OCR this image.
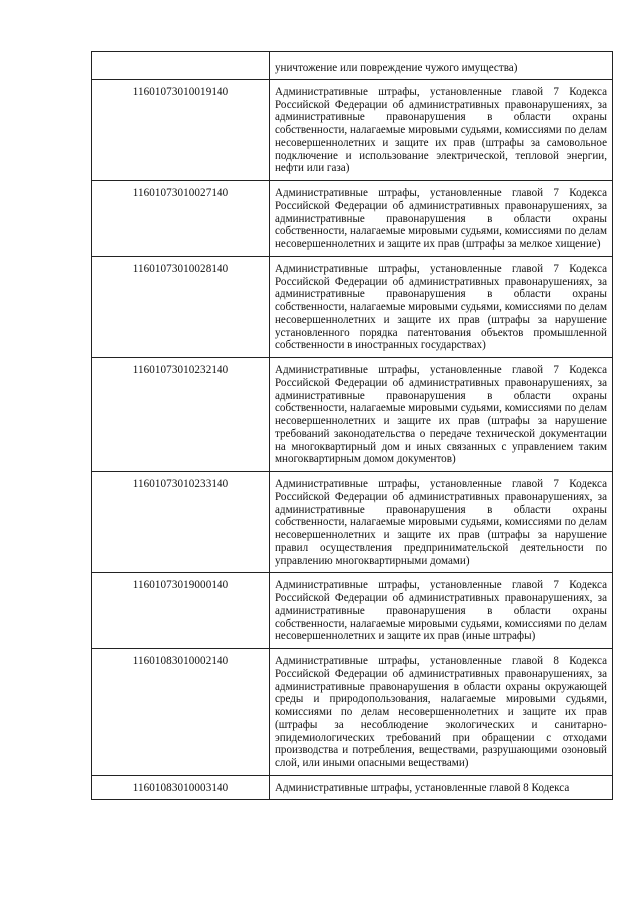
	уничтожение или повреждение чужого имущества)
11601073010019140	Административные штрафы, установленные главой 7 Кодекса Российской Федерации об административных правонарушениях, за административные правонарушения в области охраны собственности, налагаемые мировыми судьями, комиссиями по делам несовершеннолетних и защите их прав (штрафы за самовольное подключение и использование электрической, тепловой энергии, нефти или газа)
11601073010027140	Административные штрафы, установленные главой 7 Кодекса Российской Федерации об административных правонарушениях, за административные правонарушения в области охраны собственности, налагаемые мировыми судьями, комиссиями по делам несовершеннолетних и защите их прав (штрафы за мелкое хищение)
11601073010028140	Административные штрафы, установленные главой 7 Кодекса Российской Федерации об административных правонарушениях, за административные правонарушения в области охраны собственности, налагаемые мировыми судьями, комиссиями по делам несовершеннолетних и защите их прав (штрафы за нарушение установленного порядка патентования объектов промышленной собственности в иностранных государствах)
11601073010232140	Административные штрафы, установленные главой 7 Кодекса Российской Федерации об административных правонарушениях, за административные правонарушения в области охраны собственности, налагаемые мировыми судьями, комиссиями по делам несовершеннолетних и защите их прав (штрафы за нарушение требований законодательства о передаче технической документации на многоквартирный дом и иных связанных с управлением таким многоквартирным домом документов)
11601073010233140	Административные штрафы, установленные главой 7 Кодекса Российской Федерации об административных правонарушениях, за административные правонарушения в области охраны собственности, налагаемые мировыми судьями, комиссиями по делам несовершеннолетних и защите их прав (штрафы за нарушение правил осуществления предпринимательской деятельности по управлению многоквартирными домами)
11601073019000140	Административные штрафы, установленные главой 7 Кодекса Российской Федерации об административных правонарушениях, за административные правонарушения в области охраны собственности, налагаемые мировыми судьями, комиссиями по делам несовершеннолетних и защите их прав (иные штрафы)
11601083010002140	Административные штрафы, установленные главой 8 Кодекса Российской Федерации об административных правонарушениях, за административные правонарушения в области охраны окружающей среды и природопользования, налагаемые мировыми судьями, комиссиями по делам несовершеннолетних и защите их прав (штрафы за несоблюдение экологических и санитарно-эпидемиологических требований при обращении с отходами производства и потребления, веществами, разрушающими озоновый слой, или иными опасными веществами)
11601083010003140	Административные штрафы, установленные главой 8 Кодекса
